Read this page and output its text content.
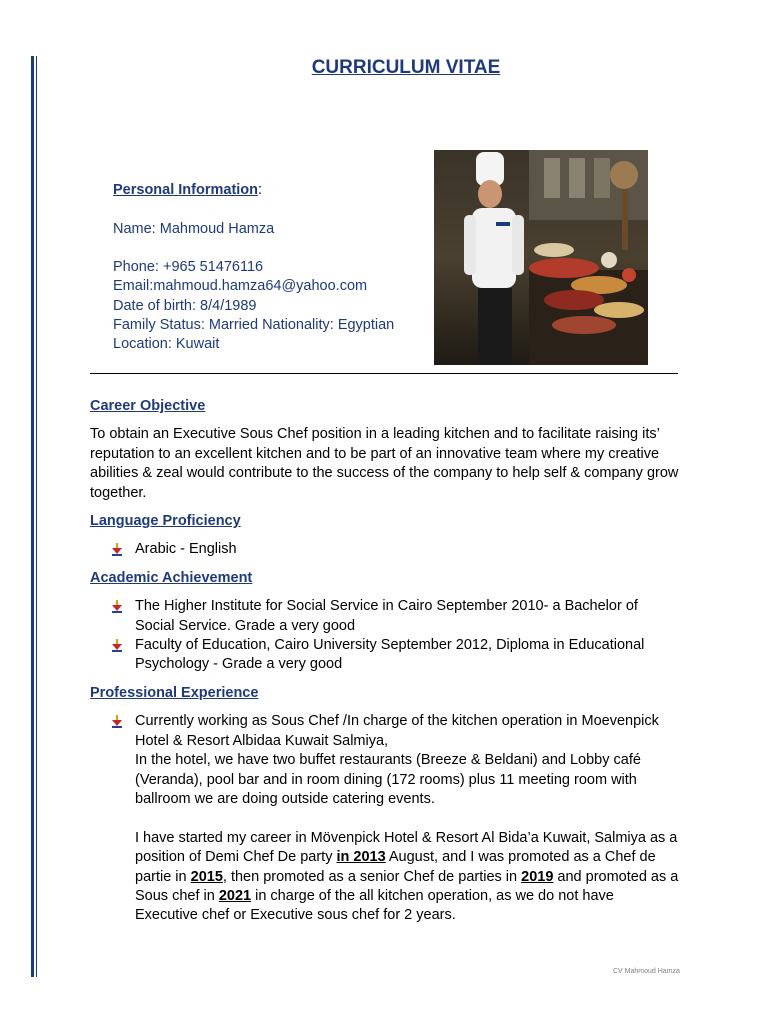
CURRICULUM VITAE
Personal Information:
Name: Mahmoud Hamza
Phone: +965 51476116
Email:mahmoud.hamza64@yahoo.com
Date of birth: 8/4/1989
Family Status: Married Nationality: Egyptian
Location: Kuwait
Career Objective
To obtain an Executive Sous Chef position in a leading kitchen and to facilitate raising its’ reputation to an excellent kitchen and to be part of an innovative team where my creative abilities & zeal would contribute to the success of the company to help self & company grow together.
Language Proficiency
Arabic - English
Academic Achievement
The Higher Institute for Social Service in Cairo September 2010- a Bachelor of Social Service. Grade a very good
Faculty of Education, Cairo University September 2012, Diploma in Educational Psychology - Grade a very good
Professional Experience
Currently working as Sous Chef /In charge of the kitchen operation in Moevenpick Hotel & Resort Albidaa Kuwait Salmiya,
In the hotel, we have two buffet restaurants (Breeze & Beldani) and Lobby café (Veranda), pool bar and in room dining (172 rooms) plus 11 meeting room with ballroom we are doing outside catering events.
I have started my career in Mövenpick Hotel & Resort Al Bida’a Kuwait, Salmiya as a position of Demi Chef De party in 2013 August, and I was promoted as a Chef de partie in 2015, then promoted as a senior Chef de parties in 2019 and promoted as a Sous chef in 2021 in charge of the all kitchen operation, as we do not have Executive chef or Executive sous chef for 2 years.
CV Mahmoud Hamza
